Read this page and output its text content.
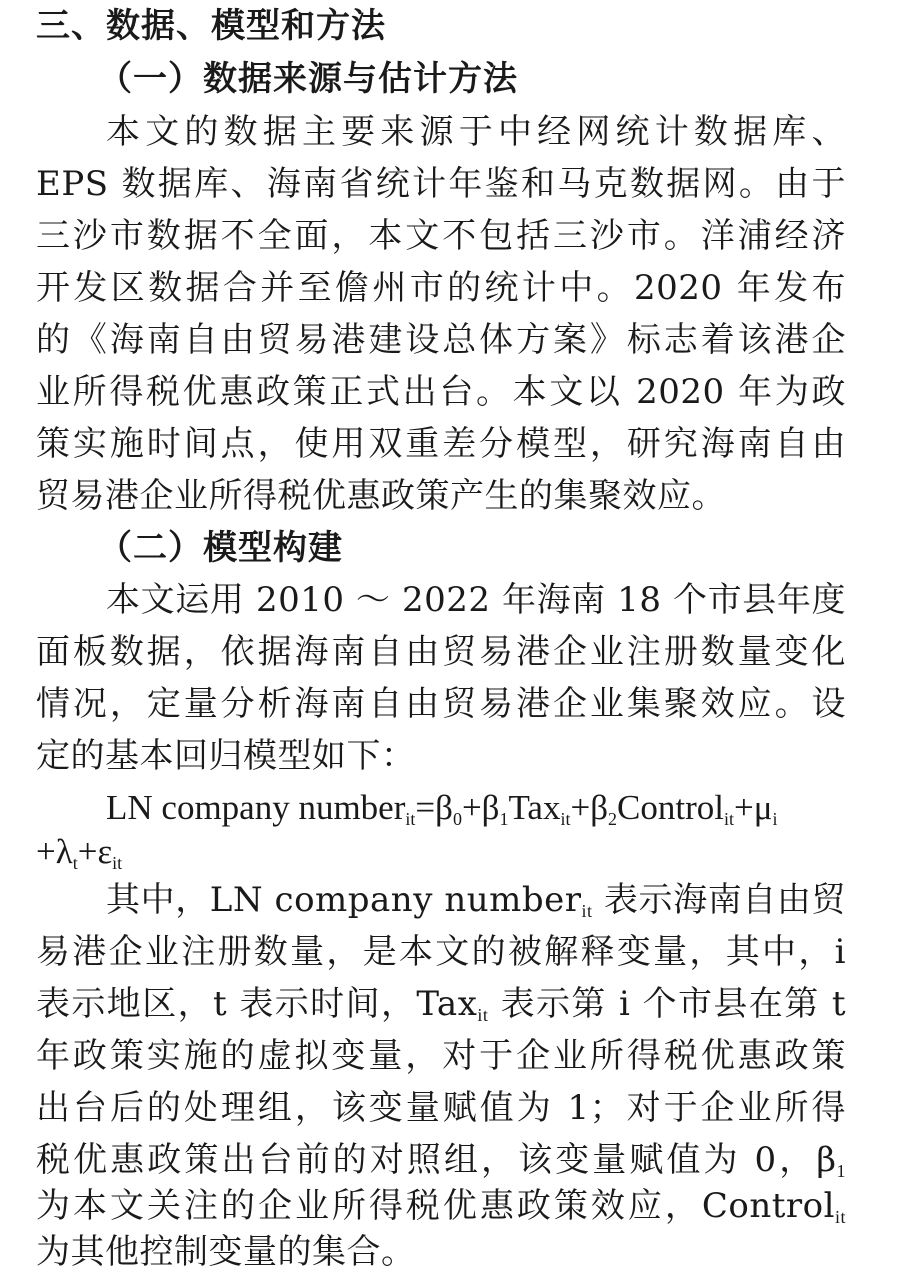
三、数据、模型和方法
（一）数据来源与估计方法
本文的数据主要来源于中经网统计数据库、
EPS 数据库、海南省统计年鉴和马克数据网。由于
三沙市数据不全面，本文不包括三沙市。洋浦经济
开发区数据合并至儋州市的统计中。2020 年发布
的《海南自由贸易港建设总体方案》标志着该港企
业所得税优惠政策正式出台。本文以 2020 年为政
策实施时间点，使用双重差分模型，研究海南自由
贸易港企业所得税优惠政策产生的集聚效应。
（二）模型构建
本文运用 2010 ～ 2022 年海南 18 个市县年度
面板数据，依据海南自由贸易港企业注册数量变化
情况，定量分析海南自由贸易港企业集聚效应。设
定的基本回归模型如下：
LN company $number_{it}=\beta_0+\beta_1Tax_{it}+\beta_2Control_{it}+\mu_i$
$+\lambda_t+\varepsilon_{it}$
其中，LN company number$_{it}$ 表示海南自由贸
易港企业注册数量，是本文的被解释变量，其中，i
表示地区，t 表示时间，Tax$_{it}$ 表示第 i 个市县在第 t
年政策实施的虚拟变量，对于企业所得税优惠政策
出台后的处理组，该变量赋值为 1；对于企业所得
税优惠政策出台前的对照组，该变量赋值为 0，$\beta_1$
为本文关注的企业所得税优惠政策效应，Control$_{it}$
为其他控制变量的集合。
